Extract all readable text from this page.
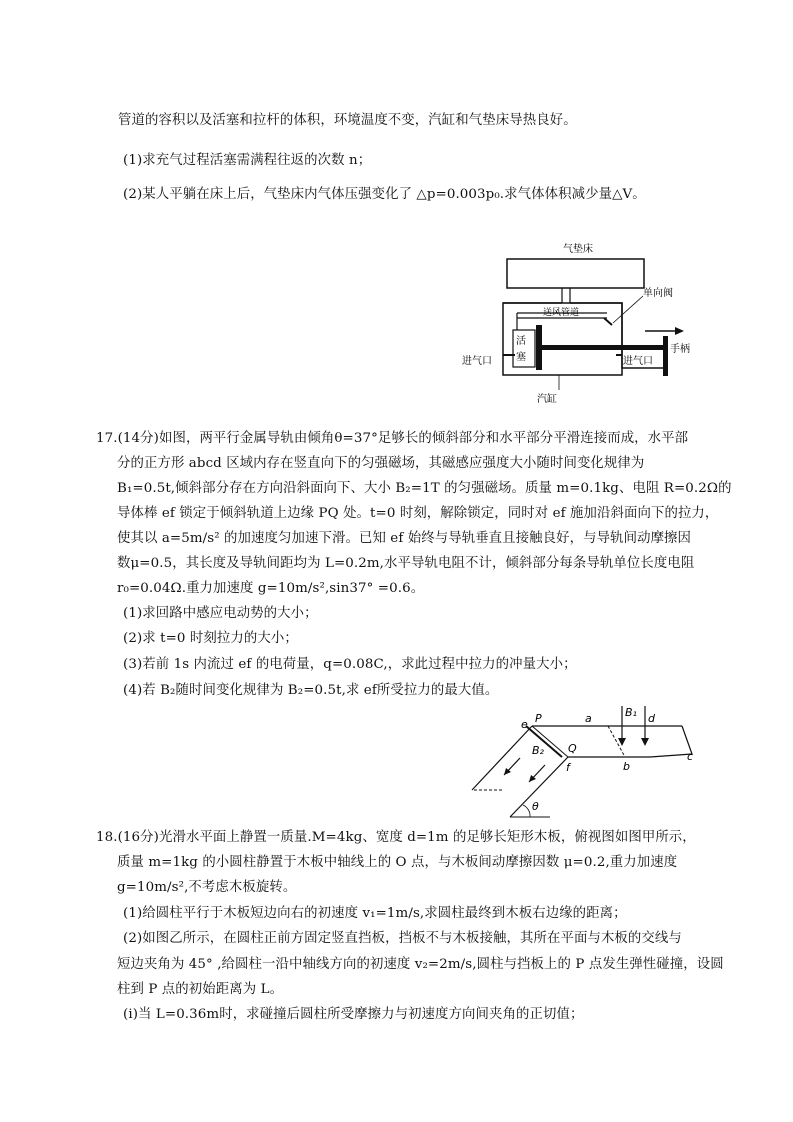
管道的容积以及活塞和拉杆的体积，环境温度不变，汽缸和气垫床导热良好。
(1)求充气过程活塞需满程往返的次数 n；
(2)某人平躺在床上后，气垫床内气体压强变化了 △p=0.003p₀.求气体体积减少量△V。
气垫床
送风管道
单向阀
活
塞
手柄
进气口	进气口
汽缸
17.(14分)如图，两平行金属导轨由倾角θ=37°足够长的倾斜部分和水平部分平滑连接而成，水平部
分的正方形 abcd 区域内存在竖直向下的匀强磁场，其磁感应强度大小随时间变化规律为
B₁=0.5t,倾斜部分存在方向沿斜面向下、大小 B₂=1T 的匀强磁场。质量 m=0.1kg、电阻 R=0.2Ω的
导体棒 ef 锁定于倾斜轨道上边缘 PQ 处。t=0 时刻，解除锁定，同时对 ef 施加沿斜面向下的拉力，
使其以 a=5m/s² 的加速度匀加速下滑。已知 ef 始终与导轨垂直且接触良好，与导轨间动摩擦因
数μ=0.5，其长度及导轨间距均为 L=0.2m,水平导轨电阻不计，倾斜部分每条导轨单位长度电阻
r₀=0.04Ω.重力加速度 g=10m/s²,sin37° =0.6。
(1)求回路中感应电动势的大小；
(2)求 t=0 时刻拉力的大小；
(3)若前 1s 内流过 ef 的电荷量，q=0.08C,，求此过程中拉力的冲量大小；
(4)若 B₂随时间变化规律为 B₂=0.5t,求 ef所受拉力的最大值。
θ
e P	a	B₁ d
B₂ Q
f	b
c
18.(16分)光滑水平面上静置一质量.M=4kg、宽度 d=1m 的足够长矩形木板，俯视图如图甲所示，
质量 m=1kg 的小圆柱静置于木板中轴线上的 O 点，与木板间动摩擦因数 μ=0.2,重力加速度
g=10m/s²,不考虑木板旋转。
(1)给圆柱平行于木板短边向右的初速度 v₁=1m/s,求圆柱最终到木板右边缘的距离；
(2)如图乙所示，在圆柱正前方固定竖直挡板，挡板不与木板接触，其所在平面与木板的交线与
短边夹角为 45° ,给圆柱一沿中轴线方向的初速度 v₂=2m/s,圆柱与挡板上的 P 点发生弹性碰撞，设圆
柱到 P 点的初始距离为 L。
(i)当 L=0.36m时，求碰撞后圆柱所受摩擦力与初速度方向间夹角的正切值；
